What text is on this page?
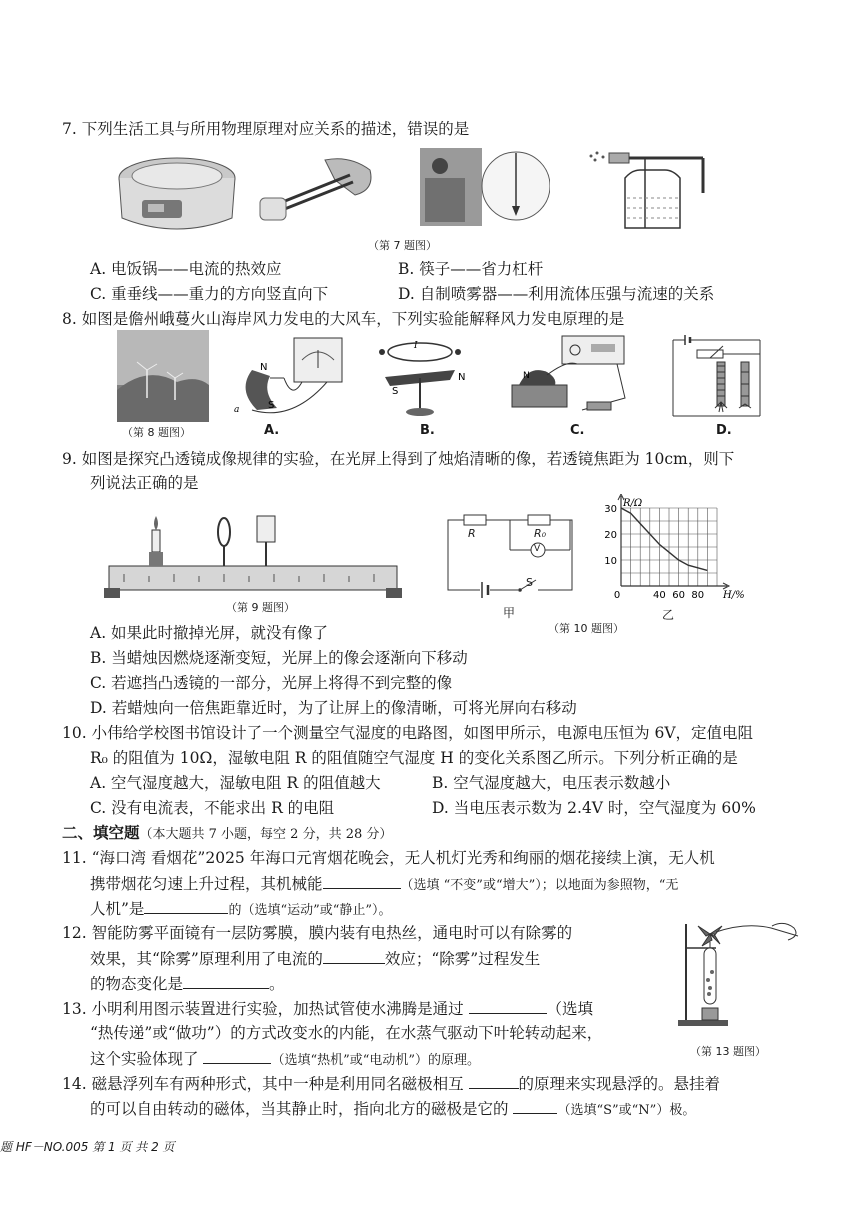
7. 下列生活工具与所用物理原理对应关系的描述，错误的是
（第 7 题图）
A. 电饭锅——电流的热效应	B. 筷子——省力杠杆
C. 重垂线——重力的方向竖直向下	D. 自制喷雾器——利用流体压强与流速的关系
8. 如图是儋州峨蔓火山海岸风力发电的大风车，下列实验能解释风力发电原理的是
（第 8 题图）
N
S
a
A.
I
S
N
B.
N
C.	D.
9. 如图是探究凸透镜成像规律的实验，在光屏上得到了烛焰清晰的像，若透镜焦距为 10cm，则下
列说法正确的是
（第 9 题图）
R	R₀
V
S
甲
10
20
30
0	40 60 80
R/Ω
H/%
乙
（第 10 题图）
A. 如果此时撤掉光屏，就没有像了
B. 当蜡烛因燃烧逐渐变短，光屏上的像会逐渐向下移动
C. 若遮挡凸透镜的一部分，光屏上将得不到完整的像
D. 若蜡烛向一倍焦距靠近时，为了让屏上的像清晰，可将光屏向右移动
10. 小伟给学校图书馆设计了一个测量空气湿度的电路图，如图甲所示，电源电压恒为 6V，定值电阻
R₀ 的阻值为 10Ω，湿敏电阻 R 的阻值随空气湿度 H 的变化关系图乙所示。下列分析正确的是
A. 空气湿度越大，湿敏电阻 R 的阻值越大	B. 空气湿度越大，电压表示数越小
C. 没有电流表，不能求出 R 的电阻	D. 当电压表示数为 2.4V 时，空气湿度为 60%
二、填空题（本大题共 7 小题，每空 2 分，共 28 分）
11. “海口湾 看烟花”2025 年海口元宵烟花晚会，无人机灯光秀和绚丽的烟花接续上演，无人机
携带烟花匀速上升过程，其机械能	（选填 “不变”或“增大”）；以地面为参照物，“无
人机”是	的（选填“运动”或“静止”）。
12. 智能防雾平面镜有一层防雾膜，膜内装有电热丝，通电时可以有除雾的
效果，其“除雾”原理利用了电流的	效应；“除雾”过程发生
的物态变化是	。
13. 小明利用图示装置进行实验，加热试管使水沸腾是通过	（选填
“热传递”或“做功”）的方式改变水的内能，在水蒸气驱动下叶轮转动起来，
这个实验体现了	（选填“热机”或“电动机”）的原理。
（第 13 题图）
14. 磁悬浮列车有两种形式，其中一种是利用同名磁极相互	的原理来实现悬浮的。悬挂着
的可以自由转动的磁体，当其静止时，指向北方的磁极是它的	（选填“S”或“N”）极。
题 HF－NO.005 第 1 页 共 2 页
